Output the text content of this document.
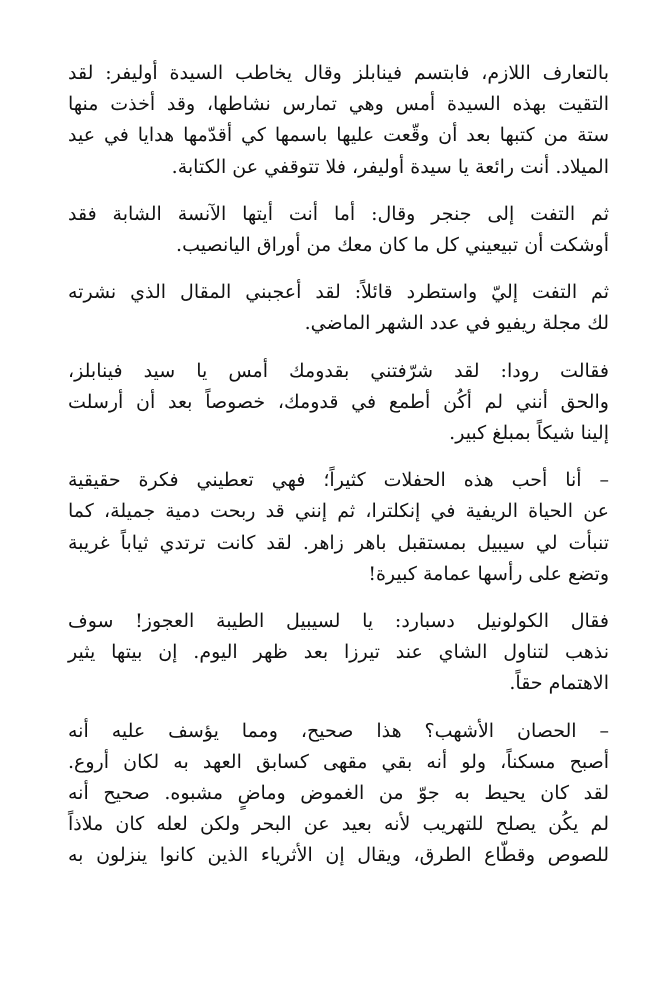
بالتعارف اللازم، فابتسم فينابلز وقال يخاطب السيدة أوليفر: لقد
التقيت بهذه السيدة أمس وهي تمارس نشاطها، وقد أخذت منها
ستة من كتبها بعد أن وقّعت عليها باسمها كي أقدّمها هدايا في عيد
الميلاد. أنت رائعة يا سيدة أوليفر، فلا تتوقفي عن الكتابة.

ثم التفت إلى جنجر وقال: أما أنت أيتها الآنسة الشابة فقد
أوشكت أن تبيعيني كل ما كان معك من أوراق اليانصيب.

ثم التفت إليّ واستطرد قائلاً: لقد أعجبني المقال الذي نشرته
لك مجلة ريفيو في عدد الشهر الماضي.

فقالت رودا: لقد شرّفتني بقدومك أمس يا سيد فينابلز،
والحق أنني لم أكُن أطمع في قدومك، خصوصاً بعد أن أرسلت
إلينا شيكاً بمبلغ كبير.

– أنا أحب هذه الحفلات كثيراً؛ فهي تعطيني فكرة حقيقية
عن الحياة الريفية في إنكلترا، ثم إنني قد ربحت دمية جميلة، كما
تنبأت لي سيبيل بمستقبل باهر زاهر. لقد كانت ترتدي ثياباً غريبة
وتضع على رأسها عمامة كبيرة!

فقال الكولونيل دسبارد: يا لسيبيل الطيبة العجوز! سوف
نذهب لتناول الشاي عند تيرزا بعد ظهر اليوم. إن بيتها يثير
الاهتمام حقاً.

– الحصان الأشهب؟ هذا صحيح، ومما يؤسف عليه أنه
أصبح مسكناً، ولو أنه بقي مقهى كسابق العهد به لكان أروع.
لقد كان يحيط به جوّ من الغموض وماضٍ مشبوه. صحيح أنه
لم يكُن يصلح للتهريب لأنه بعيد عن البحر ولكن لعله كان ملاذاً
للصوص وقطّاع الطرق، ويقال إن الأثرياء الذين كانوا ينزلون به
